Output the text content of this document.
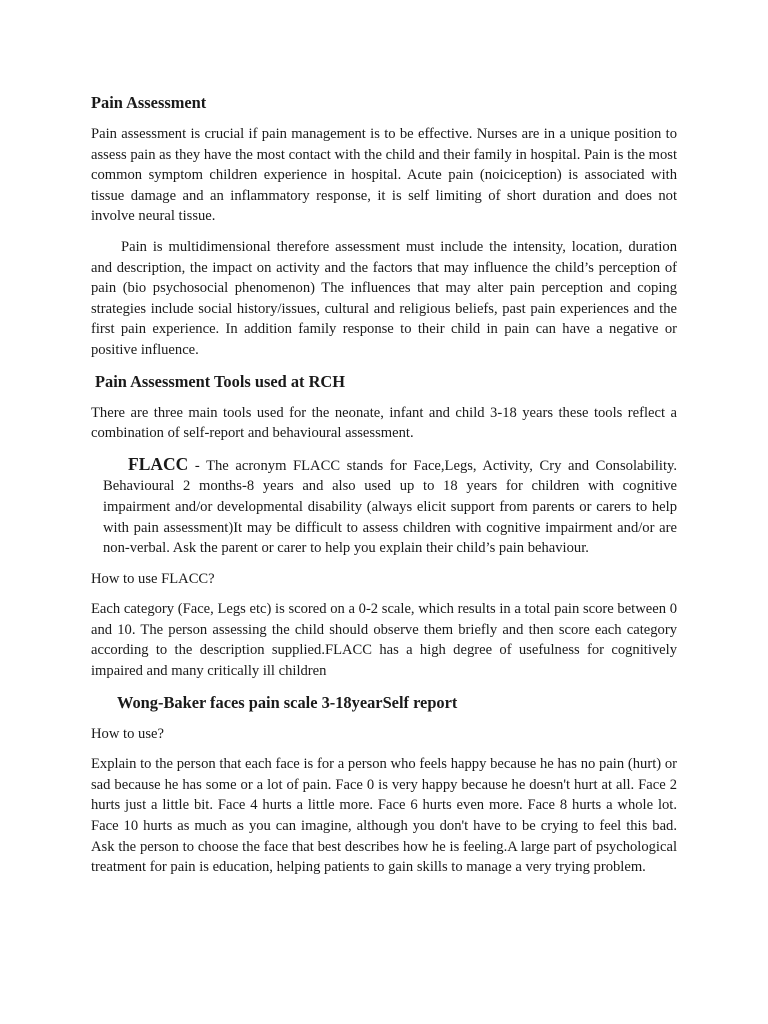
Pain Assessment

Pain assessment is crucial if pain management is to be effective. Nurses are in a unique position to assess pain as they have the most contact with the child and their family in hospital. Pain is the most common symptom children experience in hospital. Acute pain (noiciception) is associated with tissue damage and an inflammatory response, it is self limiting of short duration and does not involve neural tissue.

Pain is multidimensional therefore assessment must include the intensity, location, duration and description, the impact on activity and the factors that may influence the child’s perception of pain (bio psychosocial phenomenon) The influences that may alter pain perception and coping strategies include social history/issues, cultural and religious beliefs, past pain experiences and the first pain experience. In addition family response to their child in pain can have a negative or positive influence.

Pain Assessment Tools used at RCH

There are three main tools used for the neonate, infant and child 3-18 years these tools reflect a combination of self-report and behavioural assessment.

FLACC - The acronym FLACC stands for Face,Legs, Activity, Cry and Consolability. Behavioural 2 months-8 years and also used up to 18 years for children with cognitive impairment and/or developmental disability (always elicit support from parents or carers to help with pain assessment)It may be difficult to assess children with cognitive impairment and/or are non-verbal. Ask the parent or carer to help you explain their child’s pain behaviour.

How to use FLACC?

Each category (Face, Legs etc) is scored on a 0-2 scale, which results in a total pain score between 0 and 10. The person assessing the child should observe them briefly and then score each category according to the description supplied.FLACC has a high degree of usefulness for cognitively impaired and many critically ill children

Wong-Baker faces pain scale 3-18yearSelf report

How to use?

Explain to the person that each face is for a person who feels happy because he has no pain (hurt) or sad because he has some or a lot of pain. Face 0 is very happy because he doesn't hurt at all. Face 2 hurts just a little bit. Face 4 hurts a little more. Face 6 hurts even more. Face 8 hurts a whole lot. Face 10 hurts as much as you can imagine, although you don't have to be crying to feel this bad. Ask the person to choose the face that best describes how he is feeling.A large part of psychological treatment for pain is education, helping patients to gain skills to manage a very trying problem.
